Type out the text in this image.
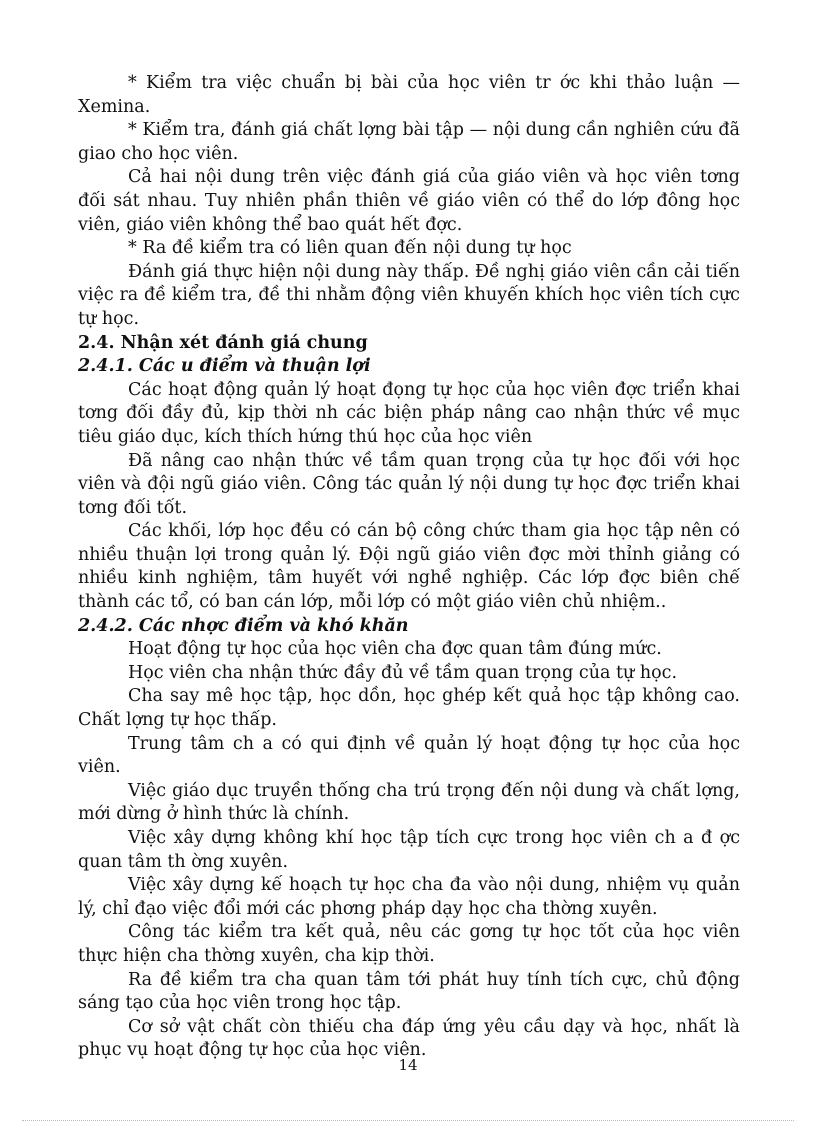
* Kiểm tra việc chuẩn bị bài của học viên tr ớc khi thảo luận — Xemina.

* Kiểm tra, đánh giá chất lợng bài tập — nội dung cần nghiên cứu đã giao cho học viên.

Cả hai nội dung trên việc đánh giá của giáo viên và học viên tơng đối sát nhau. Tuy nhiên phần thiên về giáo viên có thể do lớp đông học viên, giáo viên không thể bao quát hết đợc.

* Ra đề kiểm tra có liên quan đến nội dung tự học

Đánh giá thực hiện nội dung này thấp. Đề nghị giáo viên cần cải tiến việc ra đề kiểm tra, đề thi nhằm động viên khuyến khích học viên tích cực tự học.

2.4. Nhận xét đánh giá chung

2.4.1. Các u điểm và thuận lợi

Các hoạt động quản lý hoạt đọng tự học của học viên đợc triển khai tơng đối đầy đủ, kịp thời nh các biện pháp nâng cao nhận thức về mục tiêu giáo dục, kích thích hứng thú học của học viên

Đã nâng cao nhận thức về tầm quan trọng của tự học đối với học viên và đội ngũ giáo viên. Công tác quản lý nội dung tự học đợc triển khai tơng đối tốt.

Các khối, lớp học đều có cán bộ công chức tham gia học tập nên có nhiều thuận lợi trong quản lý. Đội ngũ giáo viên đợc mời thỉnh giảng có nhiều kinh nghiệm, tâm huyết với nghề nghiệp. Các lớp đợc biên chế thành các tổ, có ban cán lớp, mỗi lớp có một giáo viên chủ nhiệm..

2.4.2. Các nhợc điểm và khó khăn

Hoạt động tự học của học viên cha đợc quan tâm đúng mức.

Học viên cha nhận thức đầy đủ về tầm quan trọng của tự học.

Cha say mê học tập, học dồn, học ghép kết quả học tập không cao. Chất lợng tự học thấp.

Trung tâm ch a có qui định về quản lý hoạt động tự học của học viên.

Việc giáo dục truyền thống cha trú trọng đến nội dung và chất lợng, mới dừng ở hình thức là chính.

Việc xây dựng không khí học tập tích cực trong học viên ch a đ ợc quan tâm th ờng xuyên.

Việc xây dựng kế hoạch tự học cha đa vào nội dung, nhiệm vụ quản lý, chỉ đạo việc đổi mới các phơng pháp dạy học cha thờng xuyên.

Công tác kiểm tra kết quả, nêu các gơng tự học tốt của học viên thực hiện cha thờng xuyên, cha kịp thời.

Ra đề kiểm tra cha quan tâm tới phát huy tính tích cực, chủ động sáng tạo của học viên trong học tập.

Cơ sở vật chất còn thiếu cha đáp ứng yêu cầu dạy và học, nhất là phục vụ hoạt động tự học của học viên.

14
